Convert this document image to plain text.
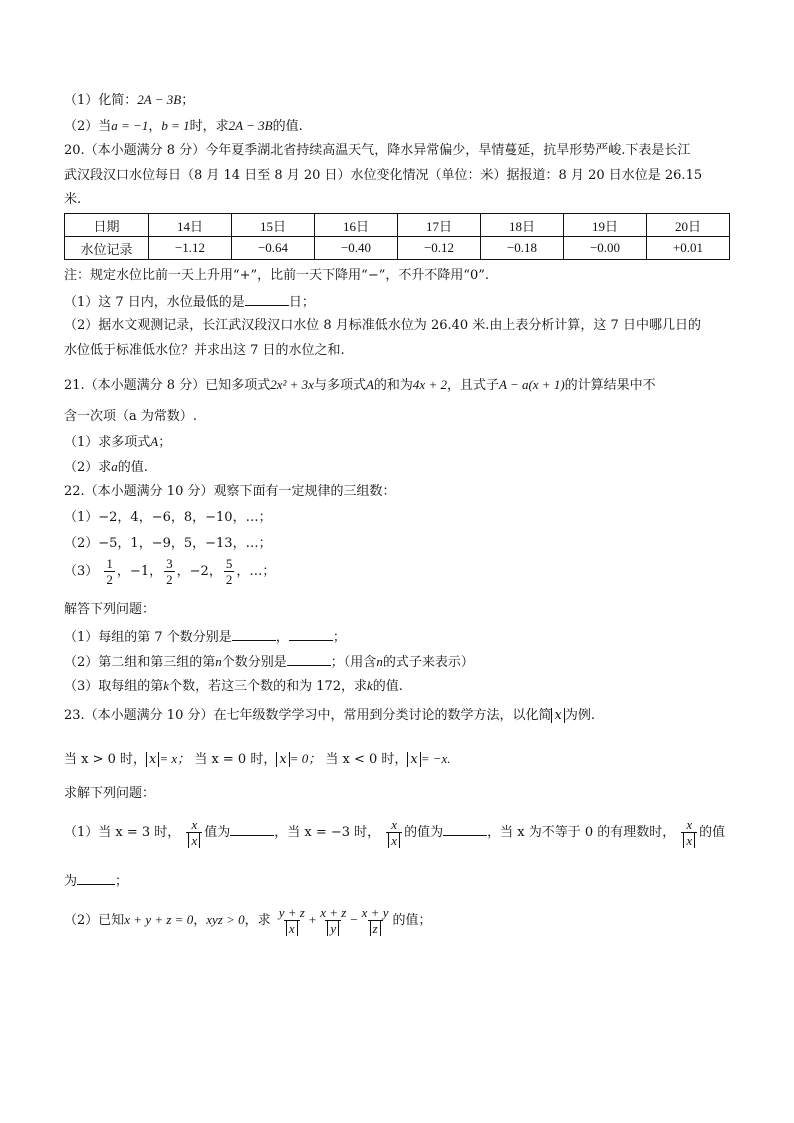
（1）化简：2A − 3B；
（2）当a = −1，b = 1时，求2A − 3B的值.
20.（本小题满分 8 分）今年夏季湖北省持续高温天气，降水异常偏少，旱情蔓延，抗旱形势严峻.下表是长江
武汉段汉口水位每日（8 月 14 日至 8 月 20 日）水位变化情况（单位：米）据报道：8 月 20 日水位是 26.15
米.
日期	14日	15日	16日	17日	18日	19日	20日
水位记录	−1.12	−0.64	−0.40	−0.12	−0.18	−0.00	+0.01
注：规定水位比前一天上升用“+”，比前一天下降用“−”，不升不降用“0”.
（1）这 7 日内，水位最低的是	日；
（2）据水文观测记录，长江武汉段汉口水位 8 月标准低水位为 26.40 米.由上表分析计算，这 7 日中哪几日的
水位低于标准低水位？并求出这 7 日的水位之和.
21.（本小题满分 8 分）已知多项式2x² + 3x与多项式A的和为4x + 2，且式子A − a(x + 1)的计算结果中不
含一次项（a 为常数）.
（1）求多项式A；
（2）求a的值.
22.（本小题满分 10 分）观察下面有一定规律的三组数：
（1）−2，4，−6，8，−10，…；
（2）−5，1，−9，5，−13，…；
$(3) \frac{1}{2}$ ，−1， $\frac{3}{2}$ ，−2， $\frac{5}{2}$ ，…；
解答下列问题：
（1）每组的第 7 个数分别是	，	；
（2）第二组和第三组的第n个数分别是	；（用含n的式子来表示）
（3）取每组的第k个数，若这三个数的和为 172，求k的值.
23.（本小题满分 10 分）在七年级数学学习中，常用到分类讨论的数学方法，以化简 x 为例.
当 x > 0 时， x = x； 当 x = 0 时， x = 0； 当 x < 0 时， x = −x.
求解下列问题：
（1）当 x = 3 时， $\frac{x}{x}$ 值为	，当 x = −3 时， $\frac{x}{x}$ 的值为	，当 x 为不等于 0 的有理数时， $\frac{x}{x}$ 的值
为	；
（2）已知x + y + z = 0，xyz > 0，求 $\frac{y + z}{x} + \frac{x + z}{y} - \frac{x + y}{z}$ 的值；
